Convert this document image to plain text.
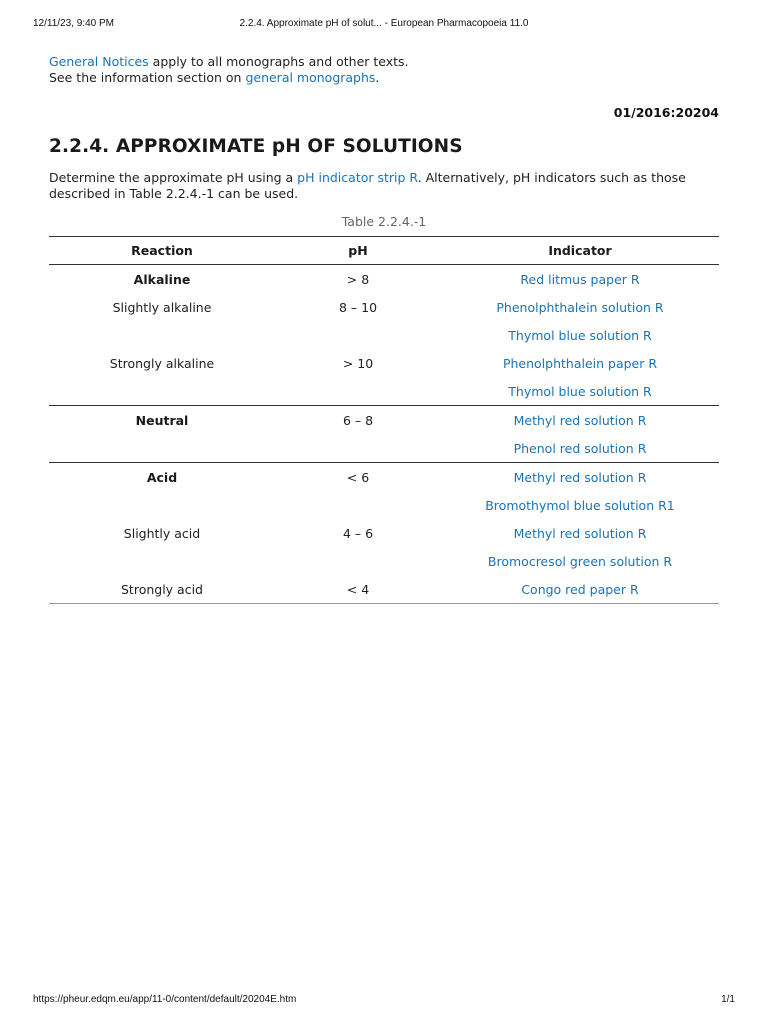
12/11/23, 9:40 PM	2.2.4. Approximate pH of solut... - European Pharmacopoeia 11.0

General Notices apply to all monographs and other texts.

See the information section on general monographs.

01/2016:20204
2.2.4. APPROXIMATE pH OF SOLUTIONS

Determine the approximate pH using a pH indicator strip R. Alternatively, pH indicators such as those described in Table 2.2.4.-1 can be used.

Table 2.2.4.-1
Reaction	pH	Indicator
Alkaline	> 8	Red litmus paper R
Slightly alkaline	8 – 10	Phenolphthalein solution R
		Thymol blue solution R
Strongly alkaline	> 10	Phenolphthalein paper R
		Thymol blue solution R
Neutral	6 – 8	Methyl red solution R
		Phenol red solution R
Acid	< 6	Methyl red solution R
		Bromothymol blue solution R1
Slightly acid	4 – 6	Methyl red solution R
		Bromocresol green solution R
Strongly acid	< 4	Congo red paper R
https://pheur.edqm.eu/app/11-0/content/default/20204E.htm	1/1
